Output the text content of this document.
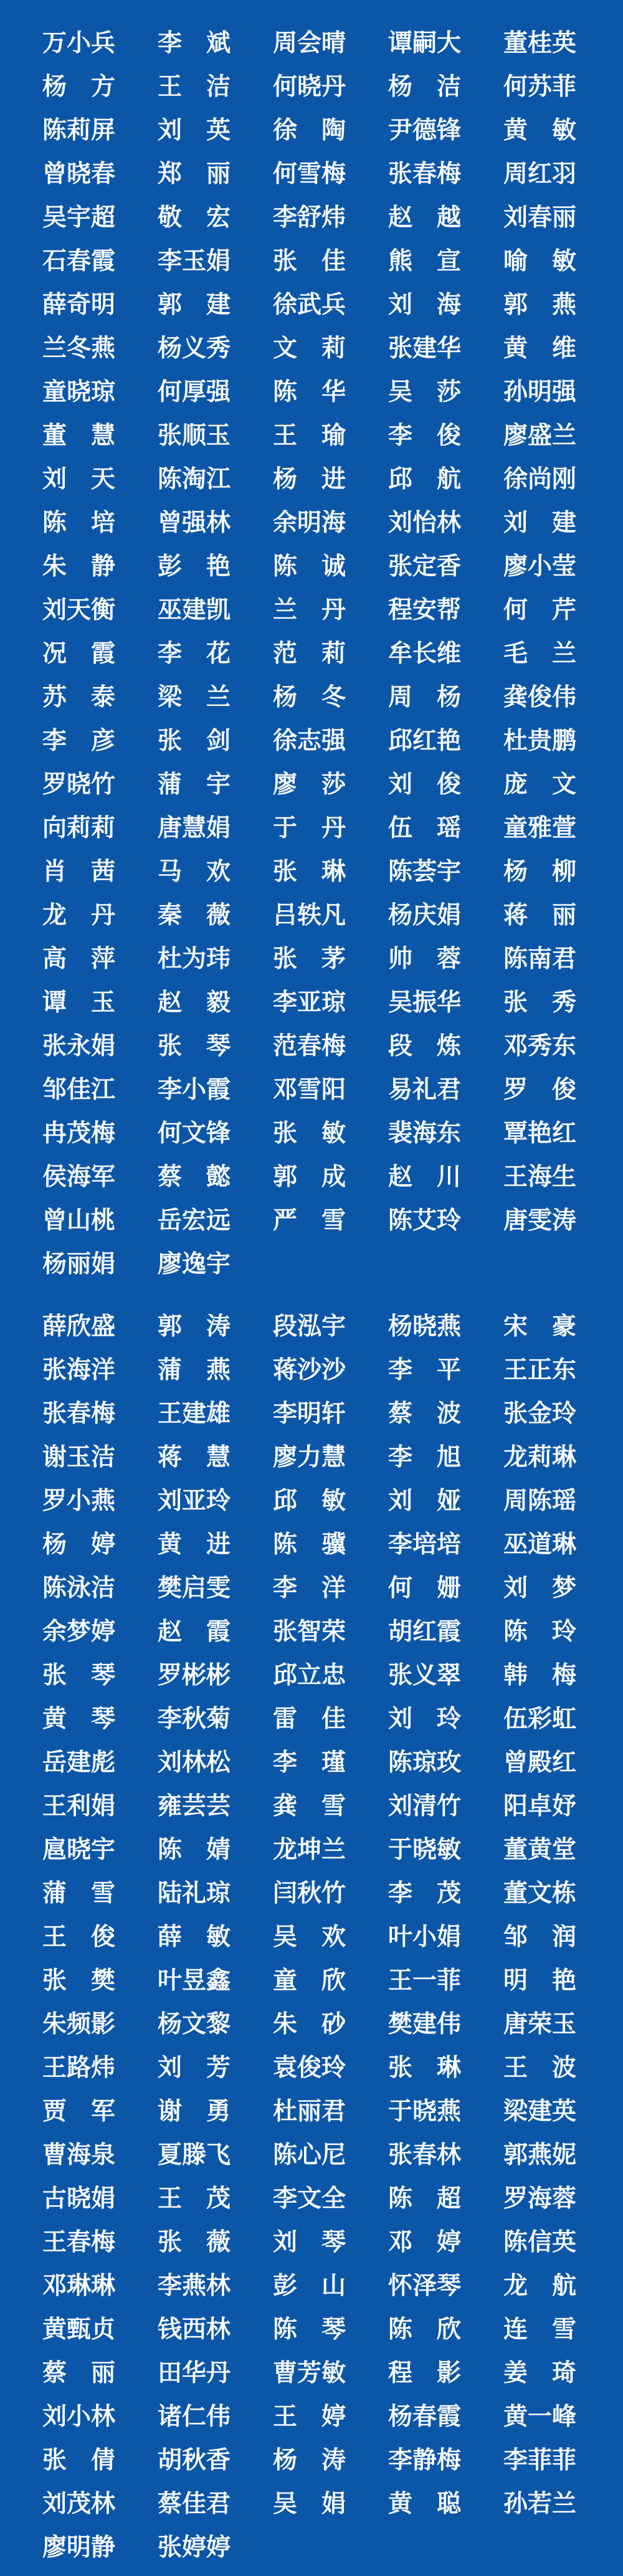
万小兵	李　斌	周会晴	谭嗣大	董桂英
杨　方	王　洁	何晓丹	杨　洁	何苏菲
陈莉屏	刘　英	徐　陶	尹德锋	黄　敏
曾晓春	郑　丽	何雪梅	张春梅	周红羽
吴宇超	敬　宏	李舒炜	赵　越	刘春丽
石春霞	李玉娟	张　佳	熊　宣	喻　敏
薛奇明	郭　建	徐武兵	刘　海	郭　燕
兰冬燕	杨义秀	文　莉	张建华	黄　维
童晓琼	何厚强	陈　华	吴　莎	孙明强
董　慧	张顺玉	王　瑜	李　俊	廖盛兰
刘　天	陈淘江	杨　进	邱　航	徐尚刚
陈　培	曾强林	余明海	刘怡林	刘　建
朱　静	彭　艳	陈　诚	张定香	廖小莹
刘天衡	巫建凯	兰　丹	程安帮	何　芹
况　霞	李　花	范　莉	牟长维	毛　兰
苏　泰	梁　兰	杨　冬	周　杨	龚俊伟
李　彦	张　剑	徐志强	邱红艳	杜贵鹏
罗晓竹	蒲　宇	廖　莎	刘　俊	庞　文
向莉莉	唐慧娟	于　丹	伍　瑶	童雅萱
肖　茜	马　欢	张　琳	陈荟宇	杨　柳
龙　丹	秦　薇	吕轶凡	杨庆娟	蒋　丽
高　萍	杜为玮	张　茅	帅　蓉	陈南君
谭　玉	赵　毅	李亚琼	吴振华	张　秀
张永娟	张　琴	范春梅	段　炼	邓秀东
邹佳江	李小霞	邓雪阳	易礼君	罗　俊
冉茂梅	何文锋	张　敏	裴海东	覃艳红
侯海军	蔡　懿	郭　成	赵　川	王海生
曾山桃	岳宏远	严　雪	陈艾玲	唐雯涛
杨丽娟	廖逸宇
薛欣盛	郭　涛	段泓宇	杨晓燕	宋　豪
张海洋	蒲　燕	蒋沙沙	李　平	王正东
张春梅	王建雄	李明轩	蔡　波	张金玲
谢玉洁	蒋　慧	廖力慧	李　旭	龙莉琳
罗小燕	刘亚玲	邱　敏	刘　娅	周陈瑶
杨　婷	黄　进	陈　骥	李培培	巫道琳
陈泳洁	樊启雯	李　洋	何　姗	刘　梦
余梦婷	赵　霞	张智荣	胡红霞	陈　玲
张　琴	罗彬彬	邱立忠	张义翠	韩　梅
黄　琴	李秋菊	雷　佳	刘　玲	伍彩虹
岳建彪	刘林松	李　瑾	陈琼玫	曾殿红
王利娟	雍芸芸	龚　雪	刘清竹	阳卓妤
扈晓宇	陈　婧	龙坤兰	于晓敏	董黄堂
蒲　雪	陆礼琼	闫秋竹	李　茂	董文栋
王　俊	薛　敏	吴　欢	叶小娟	邹　润
张　樊	叶昱鑫	童　欣	王一菲	明　艳
朱频影	杨文黎	朱　砂	樊建伟	唐荣玉
王路炜	刘　芳	袁俊玲	张　琳	王　波
贾　军	谢　勇	杜丽君	于晓燕	梁建英
曹海泉	夏滕飞	陈心尼	张春林	郭燕妮
古晓娟	王　茂	李文全	陈　超	罗海蓉
王春梅	张　薇	刘　琴	邓　婷	陈信英
邓琳琳	李燕林	彭　山	怀泽琴	龙　航
黄甄贞	钱西林	陈　琴	陈　欣	连　雪
蔡　丽	田华丹	曹芳敏	程　影	姜　琦
刘小林	诸仁伟	王　婷	杨春霞	黄一峰
张　倩	胡秋香	杨　涛	李静梅	李菲菲
刘茂林	蔡佳君	吴　娟	黄　聪	孙若兰
廖明静	张婷婷
